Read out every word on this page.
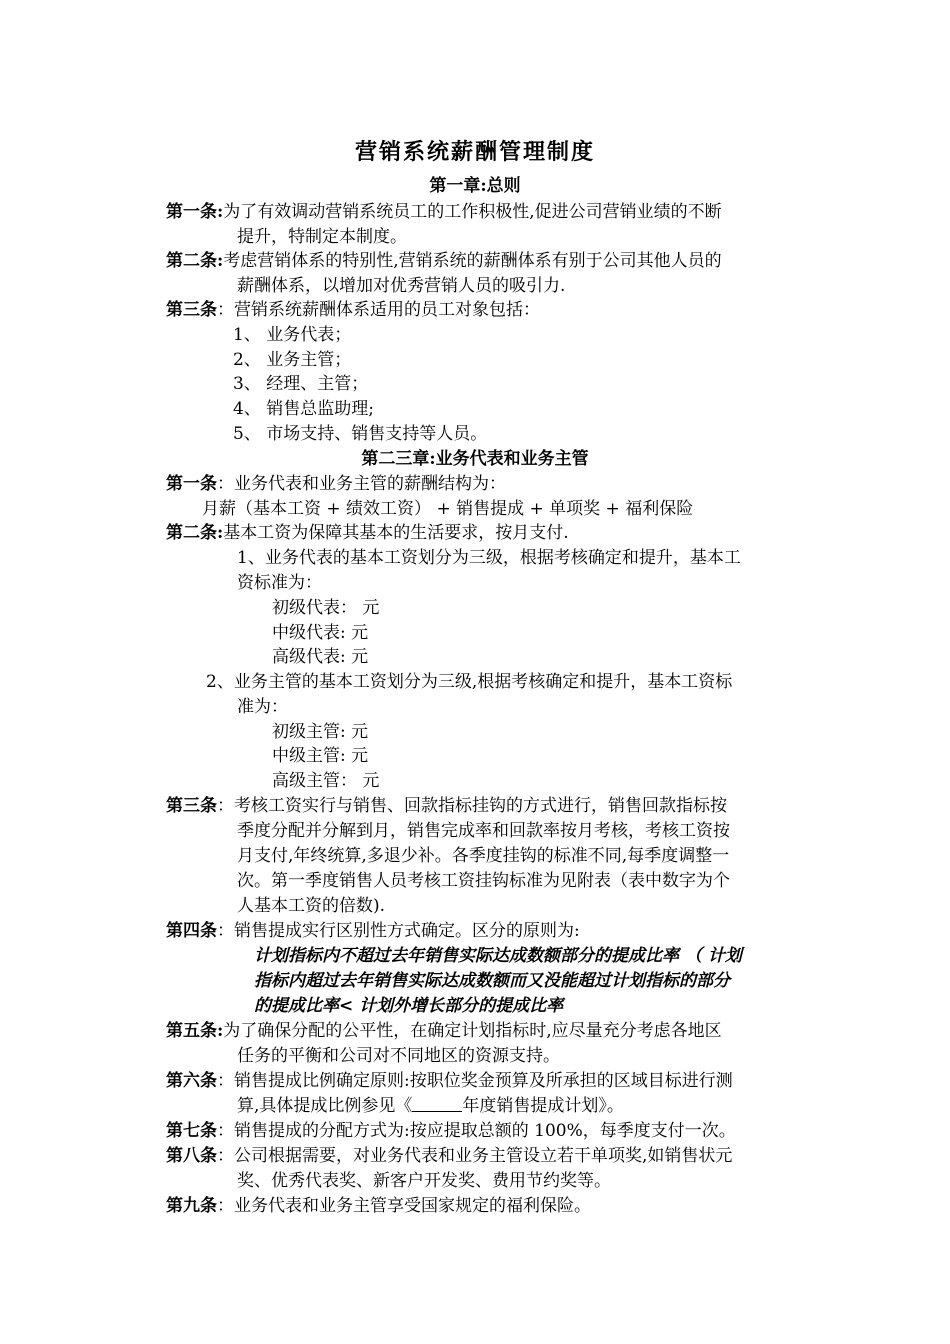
营销系统薪酬管理制度
第一章:总则
第一条:为了有效调动营销系统员工的工作积极性,促进公司营销业绩的不断
提升，特制定本制度。
第二条:考虑营销体系的特别性,营销系统的薪酬体系有别于公司其他人员的
薪酬体系，以增加对优秀营销人员的吸引力.
第三条：营销系统薪酬体系适用的员工对象包括：
1、 业务代表；
2、 业务主管；
3、 经理、主管；
4、 销售总监助理;
5、 市场支持、销售支持等人员。
第二三章:业务代表和业务主管
第一条：业务代表和业务主管的薪酬结构为：
月薪（基本工资 + 绩效工资） + 销售提成 + 单项奖 + 福利保险
第二条:基本工资为保障其基本的生活要求，按月支付.
1、业务代表的基本工资划分为三级，根据考核确定和提升，基本工
资标准为：
初级代表： 元
中级代表: 元
高级代表: 元
2、业务主管的基本工资划分为三级,根据考核确定和提升，基本工资标
准为：
初级主管: 元
中级主管: 元
高级主管： 元
第三条：考核工资实行与销售、回款指标挂钩的方式进行，销售回款指标按
季度分配并分解到月，销售完成率和回款率按月考核，考核工资按
月支付,年终统算,多退少补。各季度挂钩的标准不同,每季度调整一
次。第一季度销售人员考核工资挂钩标准为见附表（表中数字为个
人基本工资的倍数).
第四条：销售提成实行区别性方式确定。区分的原则为:
计划指标内不超过去年销售实际达成数额部分的提成比率 （ 计划
指标内超过去年销售实际达成数额而又没能超过计划指标的部分
的提成比率< 计划外增长部分的提成比率
第五条:为了确保分配的公平性，在确定计划指标时,应尽量充分考虑各地区
任务的平衡和公司对不同地区的资源支持。
第六条：销售提成比例确定原则:按职位奖金预算及所承担的区域目标进行测
算,具体提成比例参见《	年度销售提成计划》。
第七条：销售提成的分配方式为:按应提取总额的 100%，每季度支付一次。
第八条：公司根据需要，对业务代表和业务主管设立若干单项奖,如销售状元
奖、优秀代表奖、新客户开发奖、费用节约奖等。
第九条：业务代表和业务主管享受国家规定的福利保险。
